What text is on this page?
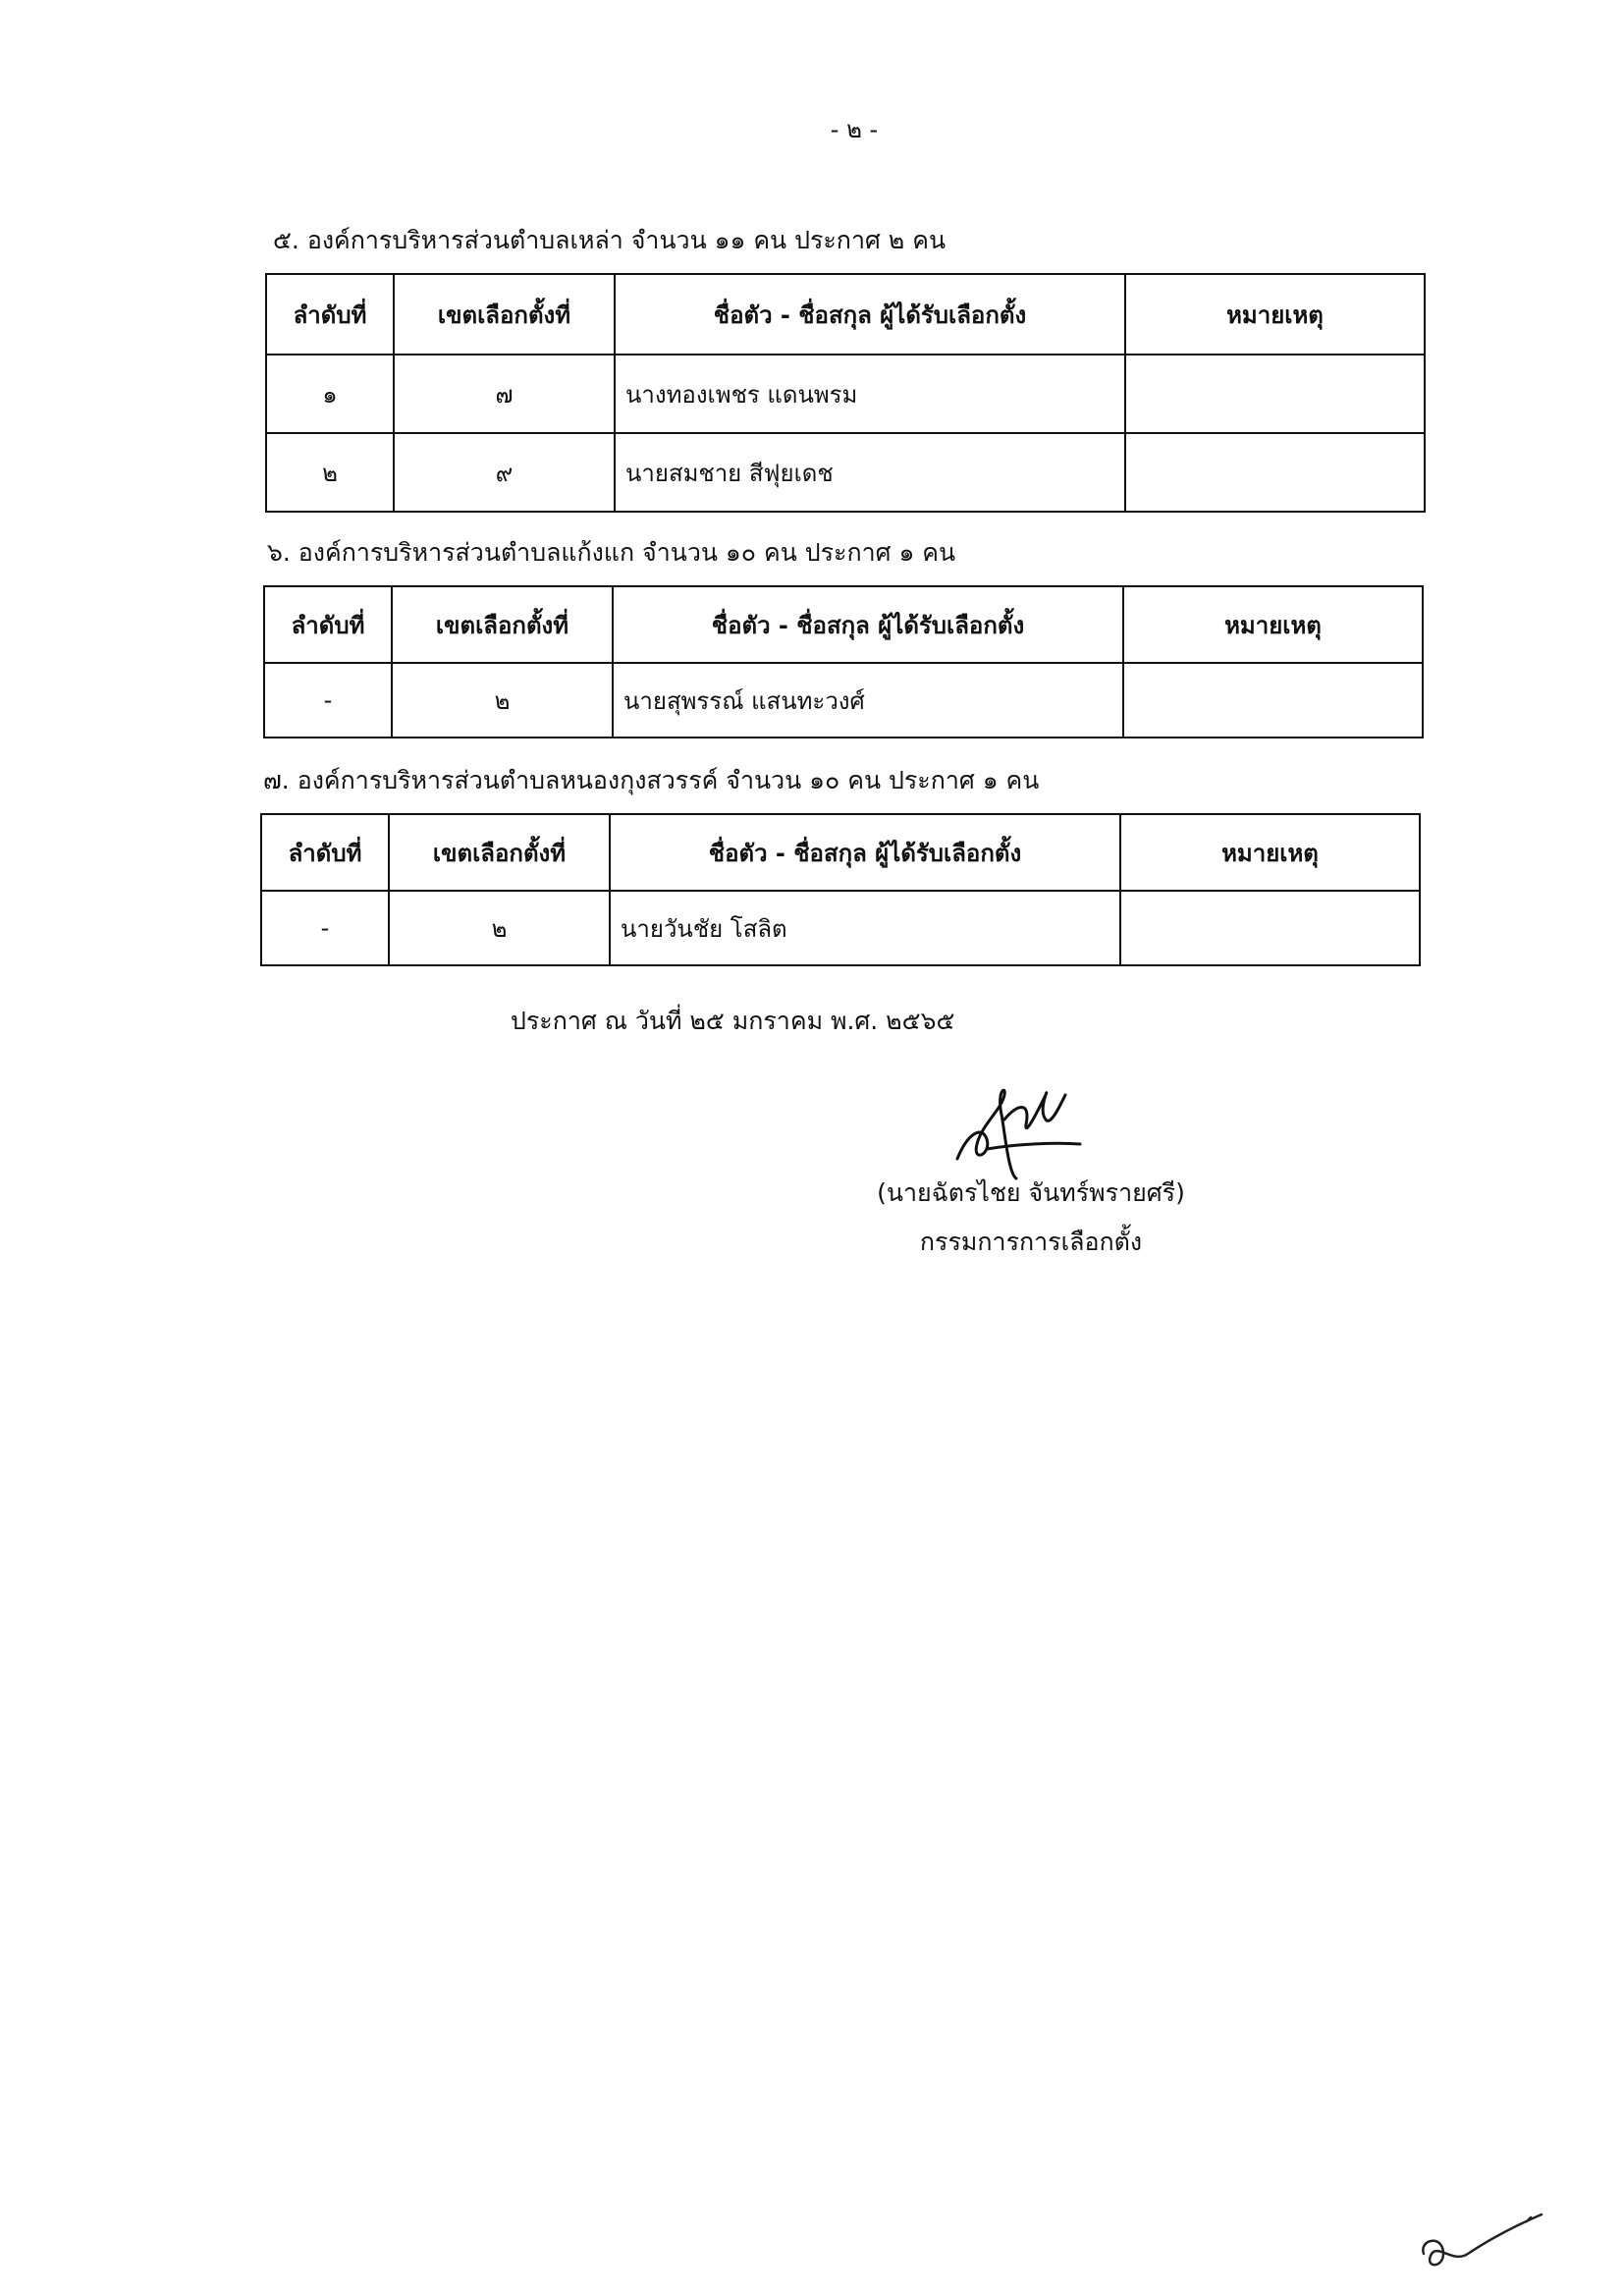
- ๒ -
๕. องค์การบริหารส่วนตำบลเหล่า จำนวน ๑๑ คน ประกาศ ๒ คน
ลำดับที่	เขตเลือกตั้งที่	ชื่อตัว - ชื่อสกุล ผู้ได้รับเลือกตั้ง	หมายเหตุ
๑	๗	นางทองเพชร แดนพรม	
๒	๙	นายสมชาย สีฟุยเดช	
๖. องค์การบริหารส่วนตำบลแก้งแก จำนวน ๑๐ คน ประกาศ ๑ คน
ลำดับที่	เขตเลือกตั้งที่	ชื่อตัว - ชื่อสกุล ผู้ได้รับเลือกตั้ง	หมายเหตุ
-	๒	นายสุพรรณ์ แสนทะวงศ์	
๗. องค์การบริหารส่วนตำบลหนองกุงสวรรค์ จำนวน ๑๐ คน ประกาศ ๑ คน
ลำดับที่	เขตเลือกตั้งที่	ชื่อตัว - ชื่อสกุล ผู้ได้รับเลือกตั้ง	หมายเหตุ
-	๒	นายวันชัย โสลิต	
ประกาศ ณ วันที่ ๒๕ มกราคม พ.ศ. ๒๕๖๕
(นายฉัตรไชย จันทร์พรายศรี)
กรรมการการเลือกตั้ง
